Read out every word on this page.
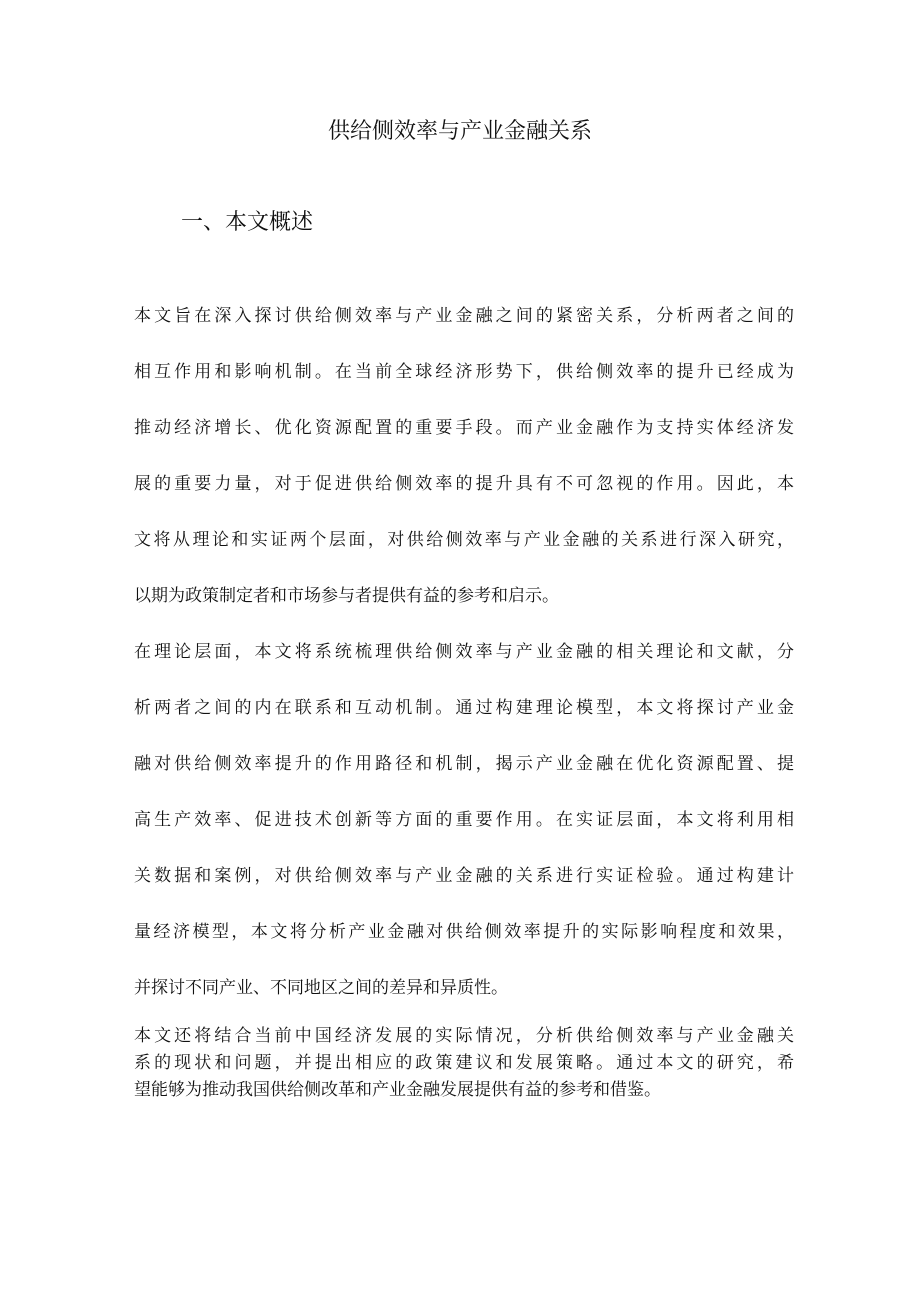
供给侧效率与产业金融关系
一、本文概述
本文旨在深入探讨供给侧效率与产业金融之间的紧密关系，分析两者之间的
相互作用和影响机制。在当前全球经济形势下，供给侧效率的提升已经成为
推动经济增长、优化资源配置的重要手段。而产业金融作为支持实体经济发
展的重要力量，对于促进供给侧效率的提升具有不可忽视的作用。因此，本
文将从理论和实证两个层面，对供给侧效率与产业金融的关系进行深入研究，
以期为政策制定者和市场参与者提供有益的参考和启示。
在理论层面，本文将系统梳理供给侧效率与产业金融的相关理论和文献，分
析两者之间的内在联系和互动机制。通过构建理论模型，本文将探讨产业金
融对供给侧效率提升的作用路径和机制，揭示产业金融在优化资源配置、提
高生产效率、促进技术创新等方面的重要作用。在实证层面，本文将利用相
关数据和案例，对供给侧效率与产业金融的关系进行实证检验。通过构建计
量经济模型，本文将分析产业金融对供给侧效率提升的实际影响程度和效果，
并探讨不同产业、不同地区之间的差异和异质性。
本文还将结合当前中国经济发展的实际情况，分析供给侧效率与产业金融关
系的现状和问题，并提出相应的政策建议和发展策略。通过本文的研究，希
望能够为推动我国供给侧改革和产业金融发展提供有益的参考和借鉴。
